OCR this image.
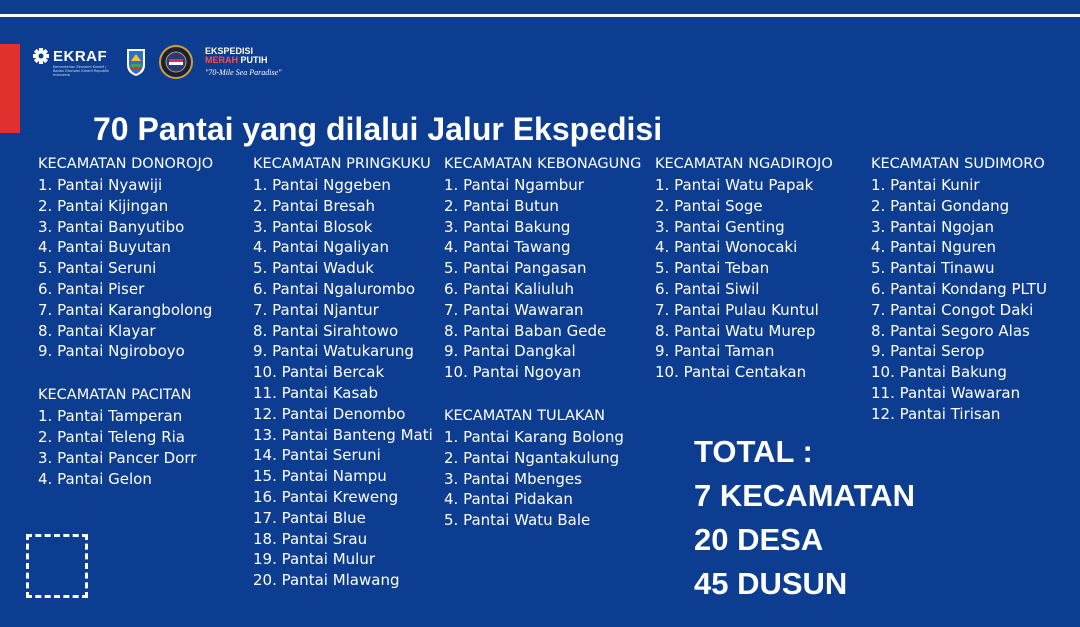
EKRAF
Kementerian Ekonomi Kreatif / Badan Ekonomi Kreatif Republik Indonesia
EKSPEDISI
MERAH PUTIH
"70-Mile Sea Paradise"
70 Pantai yang dilalui Jalur Ekspedisi
KECAMATAN DONOROJO
1. Pantai Nyawiji
2. Pantai Kijingan
3. Pantai Banyutibo
4. Pantai Buyutan
5. Pantai Seruni
6. Pantai Piser
7. Pantai Karangbolong
8. Pantai Klayar
9. Pantai Ngiroboyo
KECAMATAN PACITAN
1. Pantai Tamperan
2. Pantai Teleng Ria
3. Pantai Pancer Dorr
4. Pantai Gelon
KECAMATAN PRINGKUKU
1. Pantai Nggeben
2. Pantai Bresah
3. Pantai Blosok
4. Pantai Ngaliyan
5. Pantai Waduk
6. Pantai Ngalurombo
7. Pantai Njantur
8. Pantai Sirahtowo
9. Pantai Watukarung
10. Pantai Bercak
11. Pantai Kasab
12. Pantai Denombo
13. Pantai Banteng Mati
14. Pantai Seruni
15. Pantai Nampu
16. Pantai Kreweng
17. Pantai Blue
18. Pantai Srau
19. Pantai Mulur
20. Pantai Mlawang
KECAMATAN KEBONAGUNG
1. Pantai Ngambur
2. Pantai Butun
3. Pantai Bakung
4. Pantai Tawang
5. Pantai Pangasan
6. Pantai Kaliuluh
7. Pantai Wawaran
8. Pantai Baban Gede
9. Pantai Dangkal
10. Pantai Ngoyan
KECAMATAN TULAKAN
1. Pantai Karang Bolong
2. Pantai Ngantakulung
3. Pantai Mbenges
4. Pantai Pidakan
5. Pantai Watu Bale
KECAMATAN NGADIROJO
1. Pantai Watu Papak
2. Pantai Soge
3. Pantai Genting
4. Pantai Wonocaki
5. Pantai Teban
6. Pantai Siwil
7. Pantai Pulau Kuntul
8. Pantai Watu Murep
9. Pantai Taman
10. Pantai Centakan
KECAMATAN SUDIMORO
1. Pantai Kunir
2. Pantai Gondang
3. Pantai Ngojan
4. Pantai Nguren
5. Pantai Tinawu
6. Pantai Kondang PLTU
7. Pantai Congot Daki
8. Pantai Segoro Alas
9. Pantai Serop
10. Pantai Bakung
11. Pantai Wawaran
12. Pantai Tirisan
TOTAL :
7 KECAMATAN
20 DESA
45 DUSUN
